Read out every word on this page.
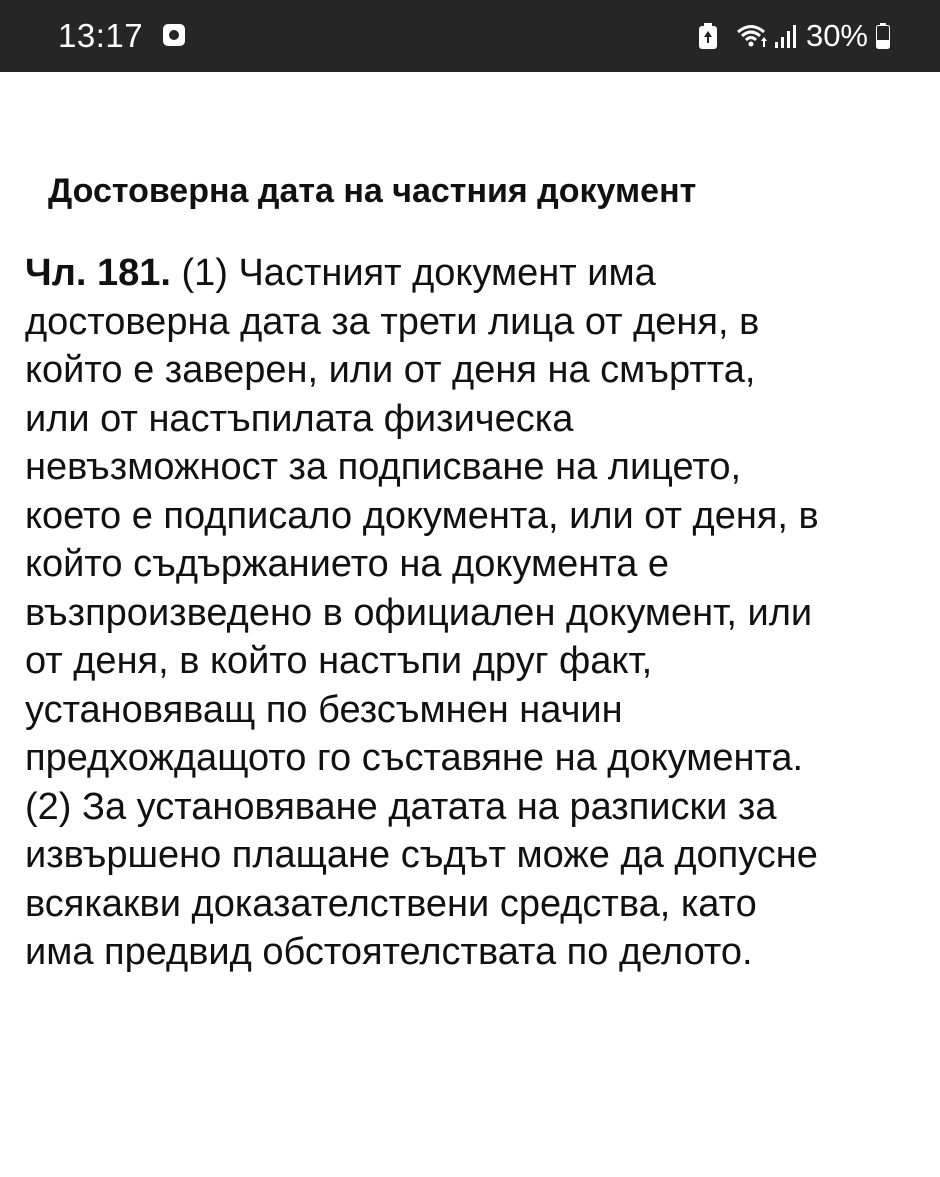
13:17	30%
Достоверна дата на частния документ

Чл. 181. (1) Частният документ има достоверна дата за трети лица от деня, в който е заверен, или от деня на смъртта, или от настъпилата физическа невъзможност за подписване на лицето, което е подписало документа, или от деня, в който съдържанието на документа е възпроизведено в официален документ, или от деня, в който настъпи друг факт, установяващ по безсъмнен начин предхождащото го съставяне на документа.

(2) За установяване датата на разписки за извършено плащане съдът може да допусне всякакви доказателствени средства, като има предвид обстоятелствата по делото.
